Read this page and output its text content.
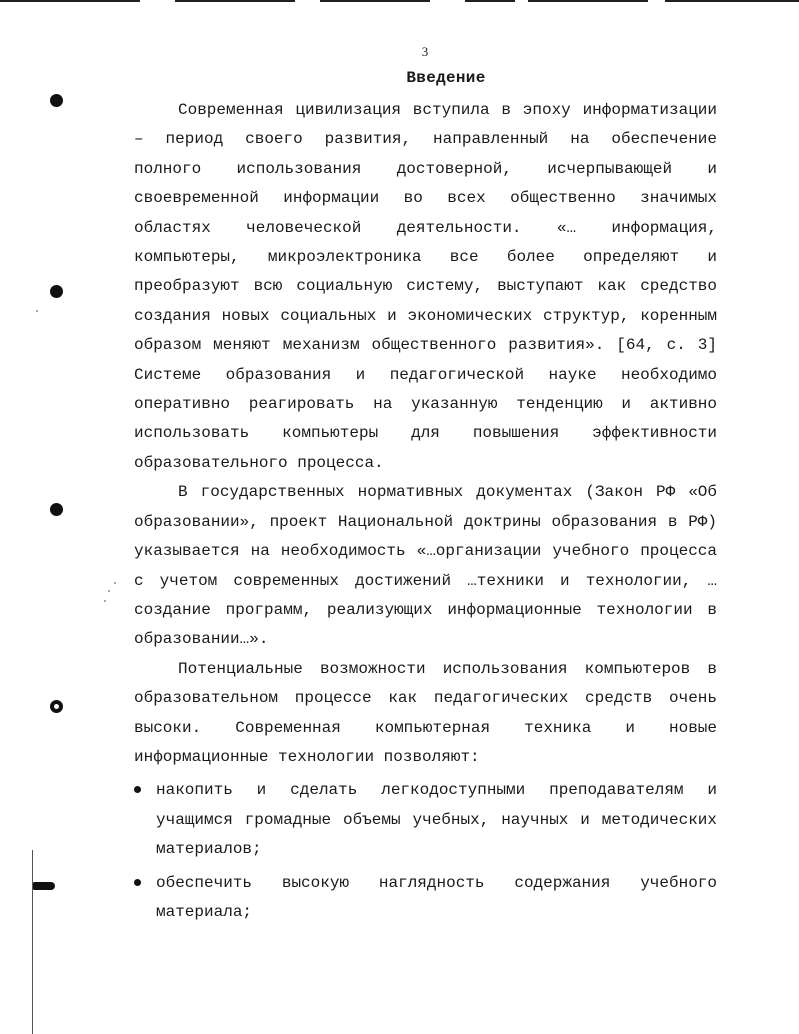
3
Введение

Современная цивилизация вступила в эпоху информатизации – период своего развития, направленный на обеспечение полного использования достоверной, исчерпывающей и своевременной информации во всех общественно значимых областях человеческой деятельности. «… информация, компьютеры, микроэлектроника все более определяют и преобразуют всю социальную систему, выступают как средство создания новых социальных и экономических структур, коренным образом меняют механизм общественного развития». [64, с. 3] Системе образования и педагогической науке необходимо оперативно реагировать на указанную тенденцию и активно использовать компьютеры для повышения эффективности образовательного процесса.

В государственных нормативных документах (Закон РФ «Об образовании», проект Национальной доктрины образования в РФ) указывается на необходимость «…организации учебного процесса с учетом современных достижений …техники и технологии, … создание программ, реализующих информационные технологии в образовании…».

Потенциальные возможности использования компьютеров в образовательном процессе как педагогических средств очень высоки. Современная компьютерная техника и новые информационные технологии позволяют:

накопить и сделать легкодоступными преподавателям и учащимся громадные объемы учебных, научных и методических материалов;
обеспечить высокую наглядность содержания учебного материала;
